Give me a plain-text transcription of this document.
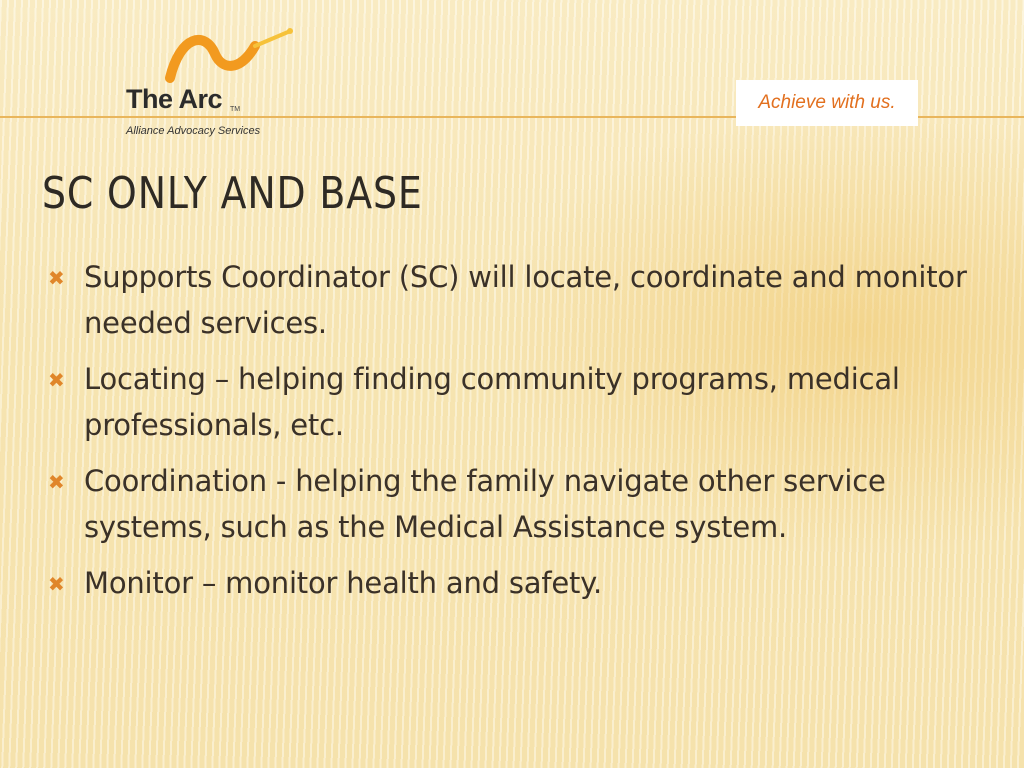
The Arc TM
Alliance Advocacy Services
Achieve with us.
SC ONLY AND BASE
✖ Supports Coordinator (SC) will locate, coordinate and monitor needed services.
✖ Locating – helping finding community programs, medical professionals, etc.
✖ Coordination - helping the family navigate other service systems, such as the Medical Assistance system.
✖ Monitor – monitor health and safety.
